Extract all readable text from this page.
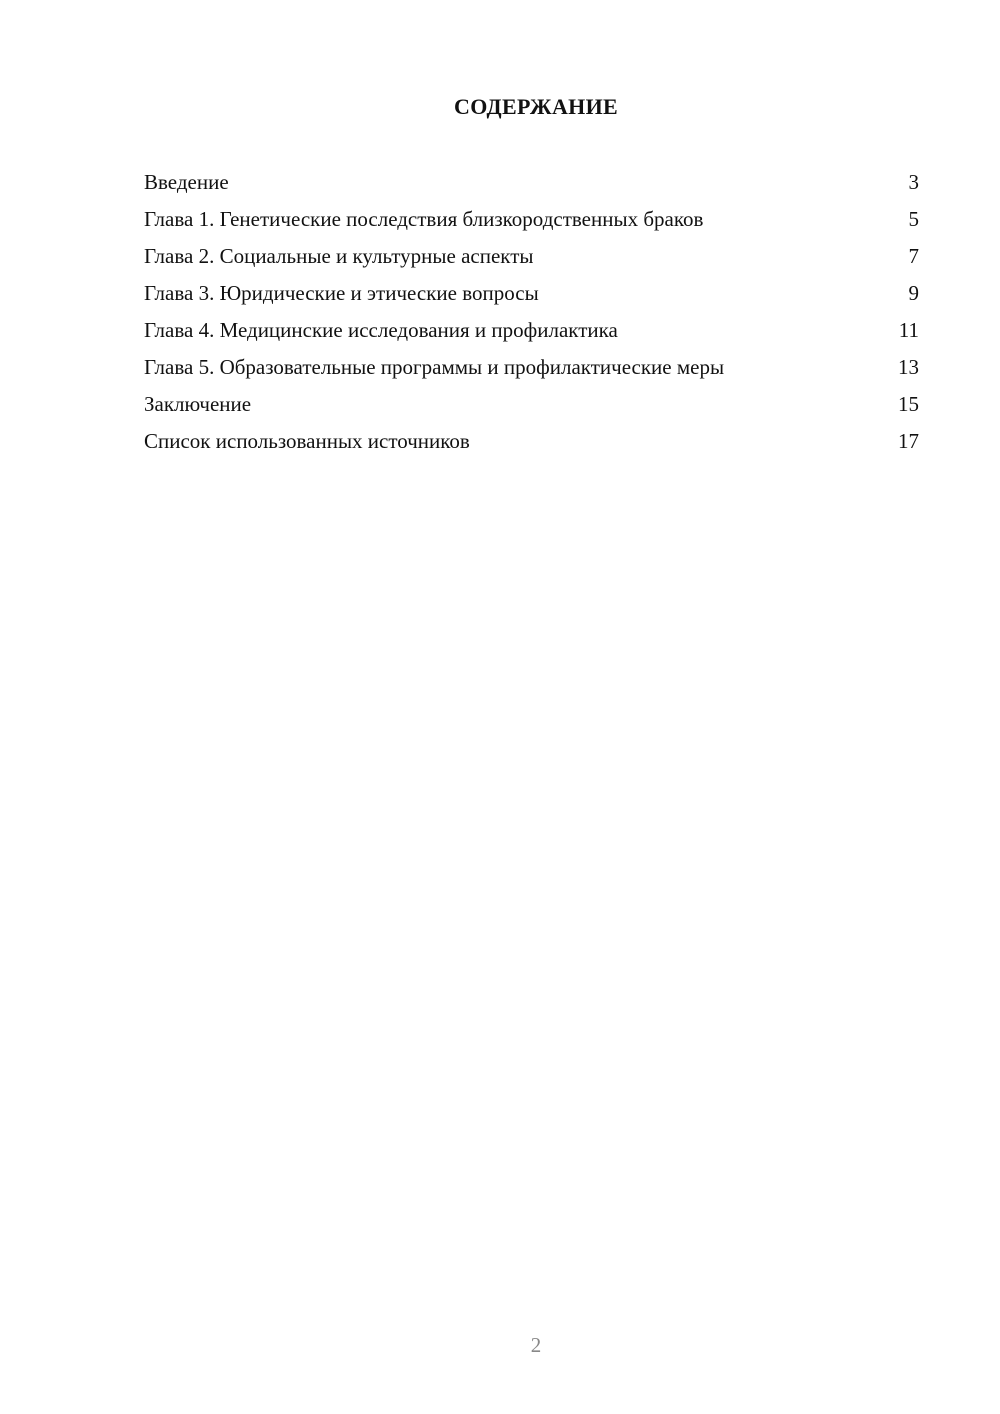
СОДЕРЖАНИЕ
Введение	3
Глава 1. Генетические последствия близкородственных браков	5
Глава 2. Социальные и культурные аспекты	7
Глава 3. Юридические и этические вопросы	9
Глава 4. Медицинские исследования и профилактика	11
Глава 5. Образовательные программы и профилактические меры	13
Заключение	15
Список использованных источников	17
2
